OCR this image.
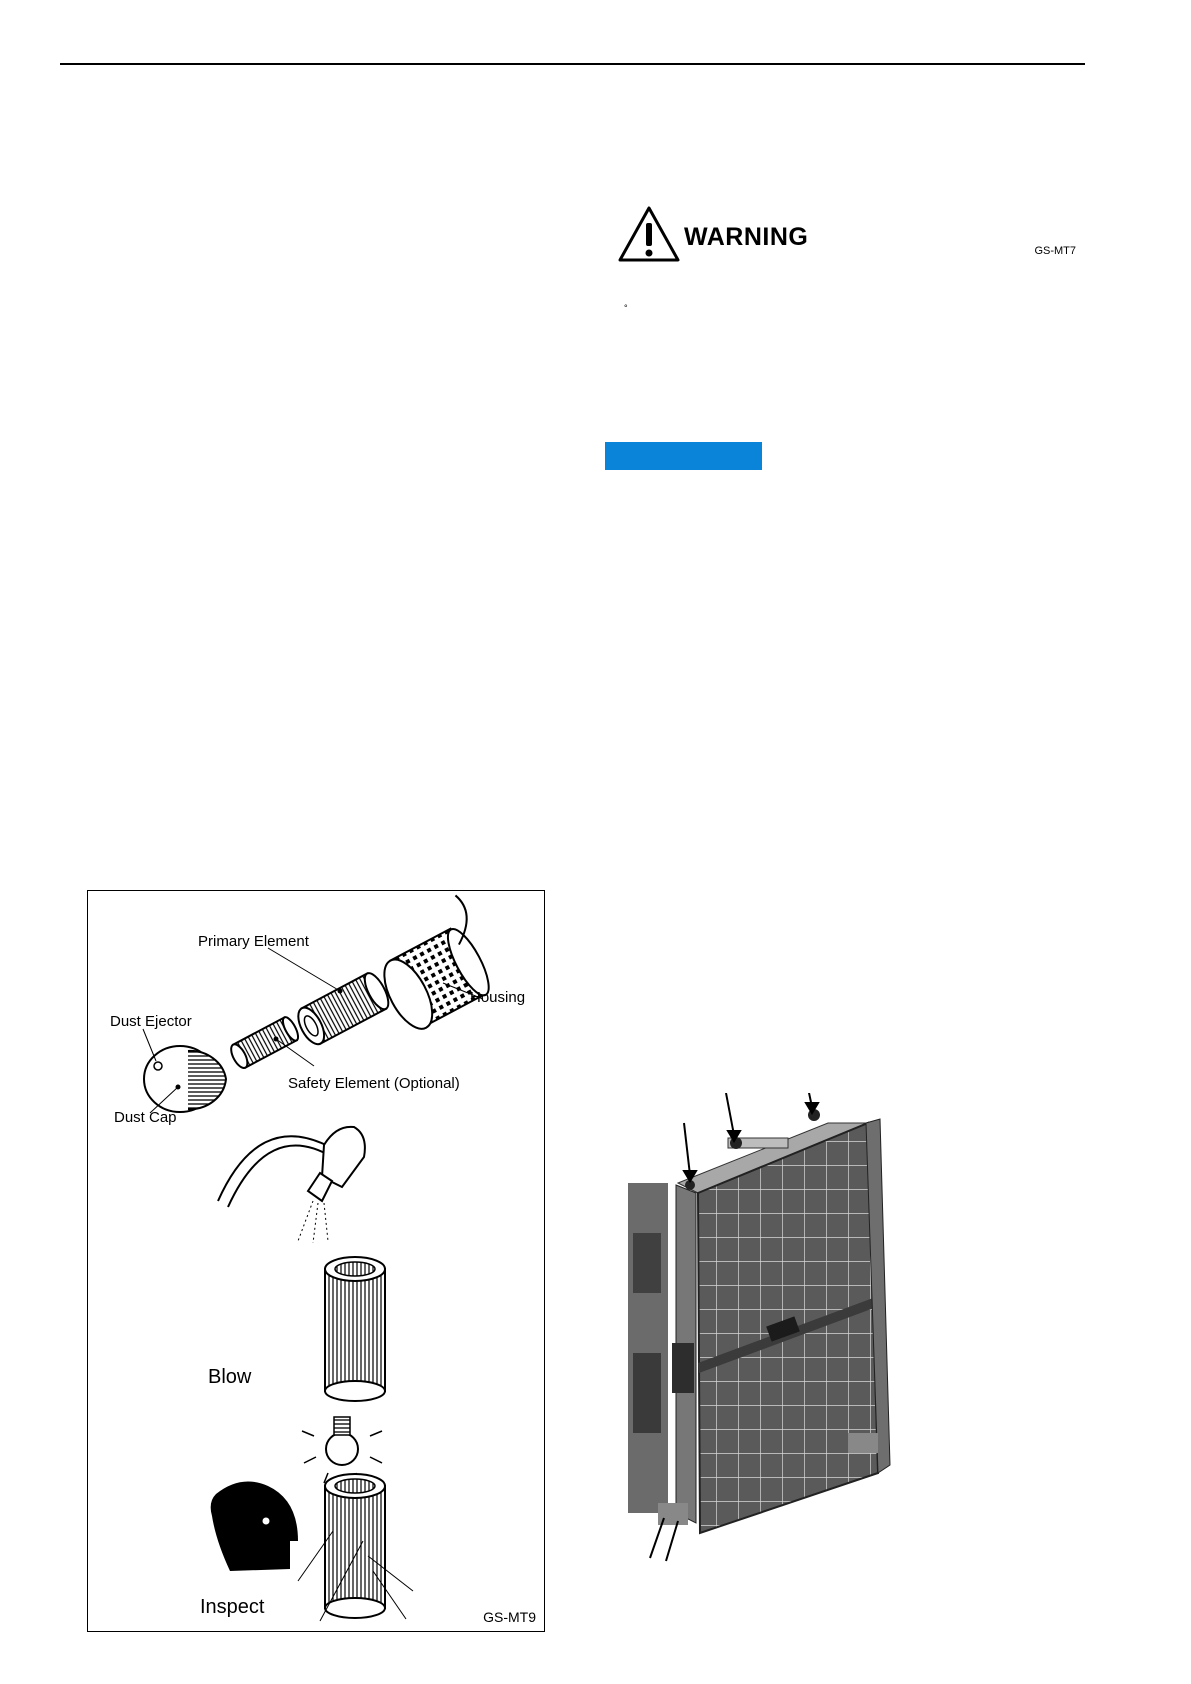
WARNING	GS-MT7
°
Primary Element
Housing
Dust Ejector
Safety Element (Optional)
Dust Cap
Blow
Inspect	GS-MT9
